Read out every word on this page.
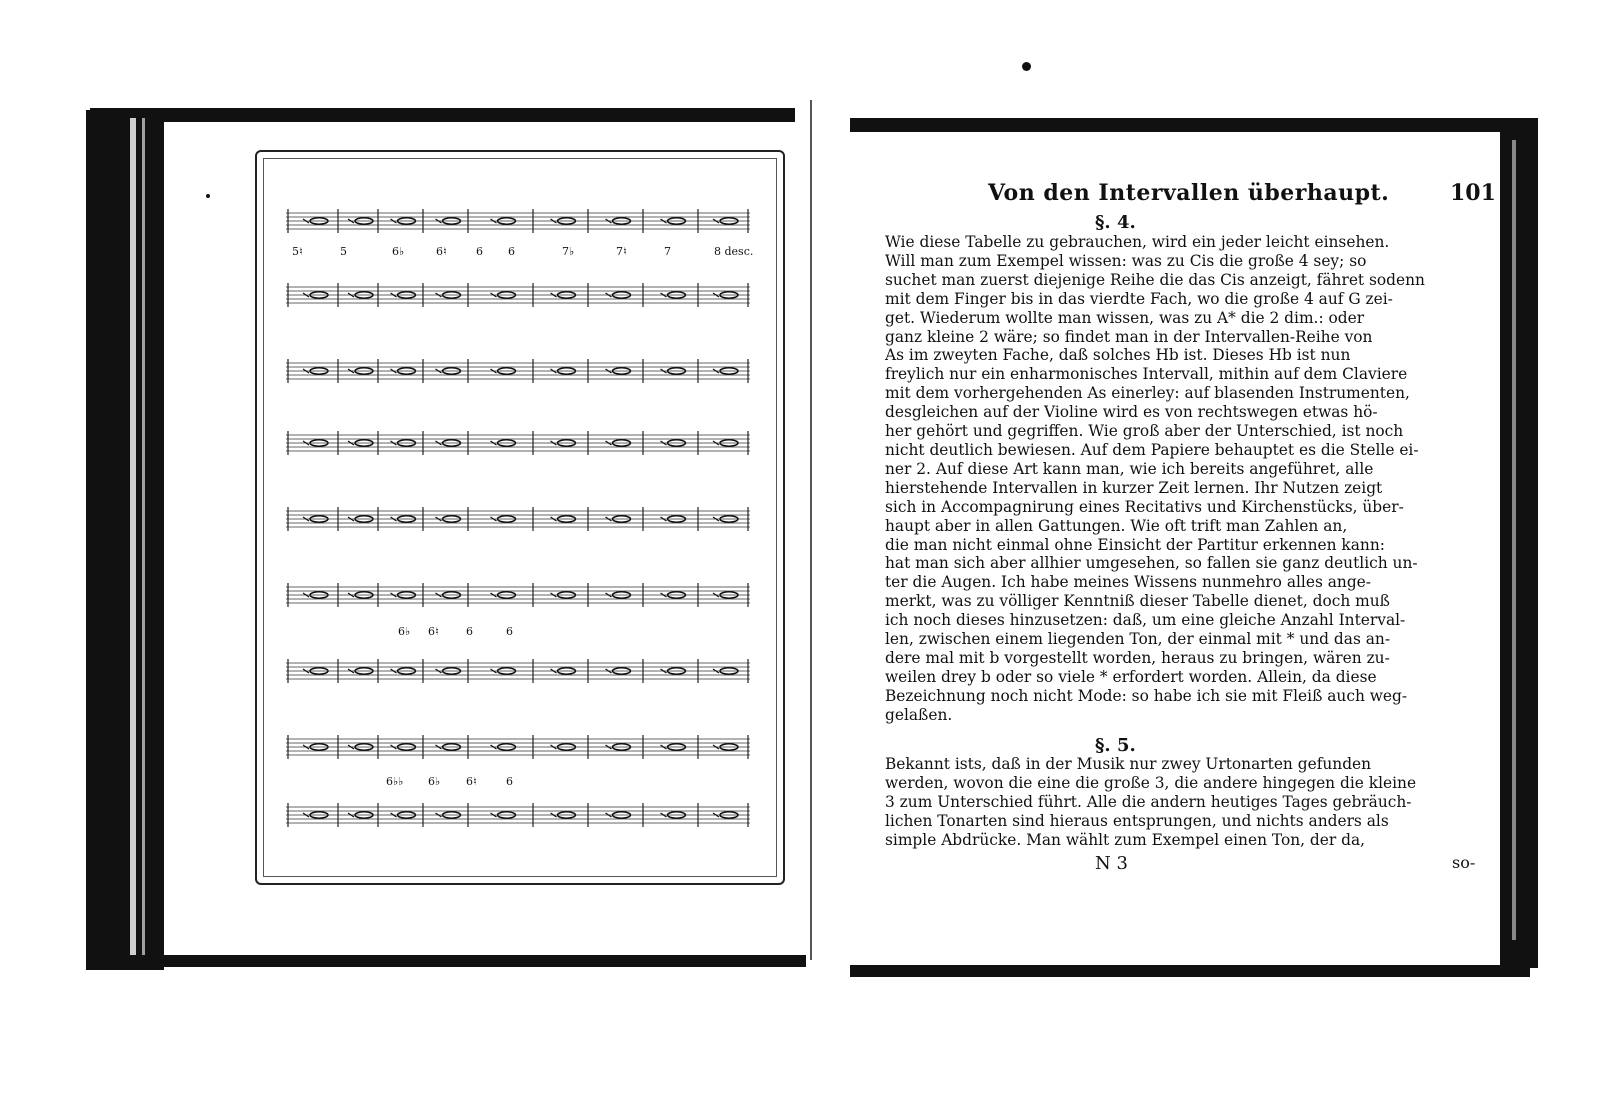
5♮	5	6♭	6♮	6 6	7♭	7♮	7	8 desc.
6♭ 6♮ 6	6
6♭♭ 6♭ 6♮	6
Von den Intervallen überhaupt.	101
§. 4.
Wie diese Tabelle zu gebrauchen, wird ein jeder leicht einsehen.
Will man zum Exempel wissen: was zu Cis die große 4 sey; so
suchet man zuerst diejenige Reihe die das Cis anzeigt, fähret sodenn
mit dem Finger bis in das vierdte Fach, wo die große 4 auf G zei-
get. Wiederum wollte man wissen, was zu A* die 2 dim.: oder
ganz kleine 2 wäre; so findet man in der Intervallen-Reihe von
As im zweyten Fache, daß solches Hb ist. Dieses Hb ist nun
freylich nur ein enharmonisches Intervall, mithin auf dem Claviere
mit dem vorhergehenden As einerley: auf blasenden Instrumenten,
desgleichen auf der Violine wird es von rechtswegen etwas hö-
her gehört und gegriffen. Wie groß aber der Unterschied, ist noch
nicht deutlich bewiesen. Auf dem Papiere behauptet es die Stelle ei-
ner 2. Auf diese Art kann man, wie ich bereits angeführet, alle
hierstehende Intervallen in kurzer Zeit lernen. Ihr Nutzen zeigt
sich in Accompagnirung eines Recitativs und Kirchenstücks, über-
haupt aber in allen Gattungen. Wie oft trift man Zahlen an,
die man nicht einmal ohne Einsicht der Partitur erkennen kann:
hat man sich aber allhier umgesehen, so fallen sie ganz deutlich un-
ter die Augen. Ich habe meines Wissens nunmehro alles ange-
merkt, was zu völliger Kenntniß dieser Tabelle dienet, doch muß
ich noch dieses hinzusetzen: daß, um eine gleiche Anzahl Interval-
len, zwischen einem liegenden Ton, der einmal mit * und das an-
dere mal mit b vorgestellt worden, heraus zu bringen, wären zu-
weilen drey b oder so viele * erfordert worden. Allein, da diese
Bezeichnung noch nicht Mode: so habe ich sie mit Fleiß auch weg-
gelaßen.
§. 5.
Bekannt ists, daß in der Musik nur zwey Urtonarten gefunden
werden, wovon die eine die große 3, die andere hingegen die kleine
3 zum Unterschied führt. Alle die andern heutiges Tages gebräuch-
lichen Tonarten sind hieraus entsprungen, und nichts anders als
simple Abdrücke. Man wählt zum Exempel einen Ton, der da,
N 3	so-
